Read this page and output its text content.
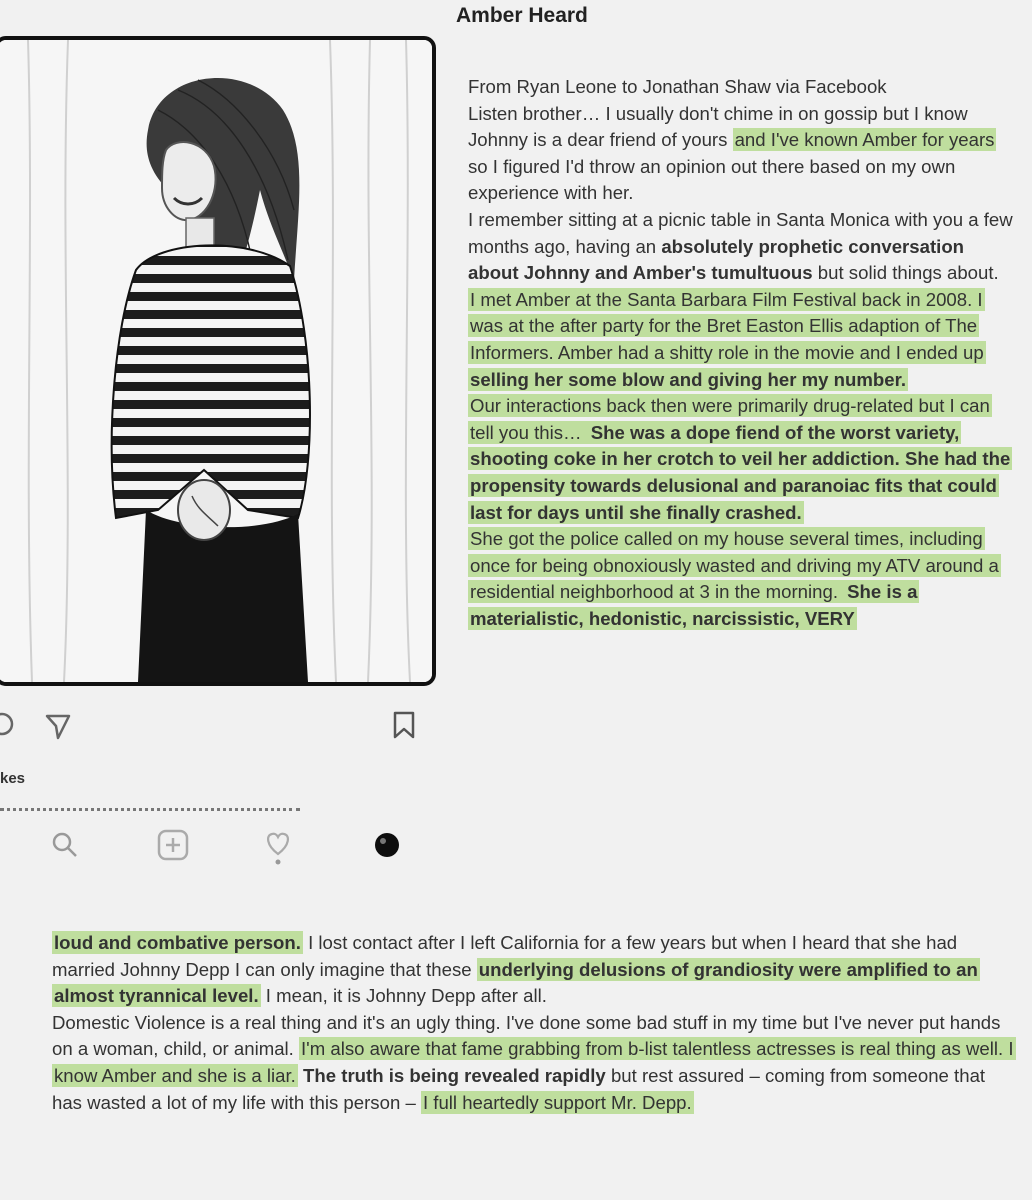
kes
Amber Heard

From Ryan Leone to Jonathan Shaw via Facebook

Listen brother… I usually don't chime in on gossip but I know Johnny is a dear friend of yours and I've known Amber for years so I figured I'd throw an opinion out there based on my own experience with her.

I remember sitting at a picnic table in Santa Monica with you a few months ago, having an absolutely prophetic conversation about Johnny and Amber's tumultuous but solid things about.

I met Amber at the Santa Barbara Film Festival back in 2008. I was at the after party for the Bret Easton Ellis adaption of The Informers. Amber had a shitty role in the movie and I ended up selling her some blow and giving her my number.

Our interactions back then were primarily drug-related but I can tell you this… She was a dope fiend of the worst variety, shooting coke in her crotch to veil her addiction. She had the propensity towards delusional and paranoiac fits that could last for days until she finally crashed.

She got the police called on my house several times, including once for being obnoxiously wasted and driving my ATV around a residential neighborhood at 3 in the morning. She is a materialistic, hedonistic, narcissistic, VERY

loud and combative person. I lost contact after I left California for a few years but when I heard that she had married Johnny Depp I can only imagine that these underlying delusions of grandiosity were amplified to an almost tyrannical level. I mean, it is Johnny Depp after all.

Domestic Violence is a real thing and it's an ugly thing. I've done some bad stuff in my time but I've never put hands on a woman, child, or animal. I'm also aware that fame grabbing from b-list talentless actresses is real thing as well. I know Amber and she is a liar. The truth is being revealed rapidly but rest assured – coming from someone that has wasted a lot of my life with this person – I full heartedly support Mr. Depp.
